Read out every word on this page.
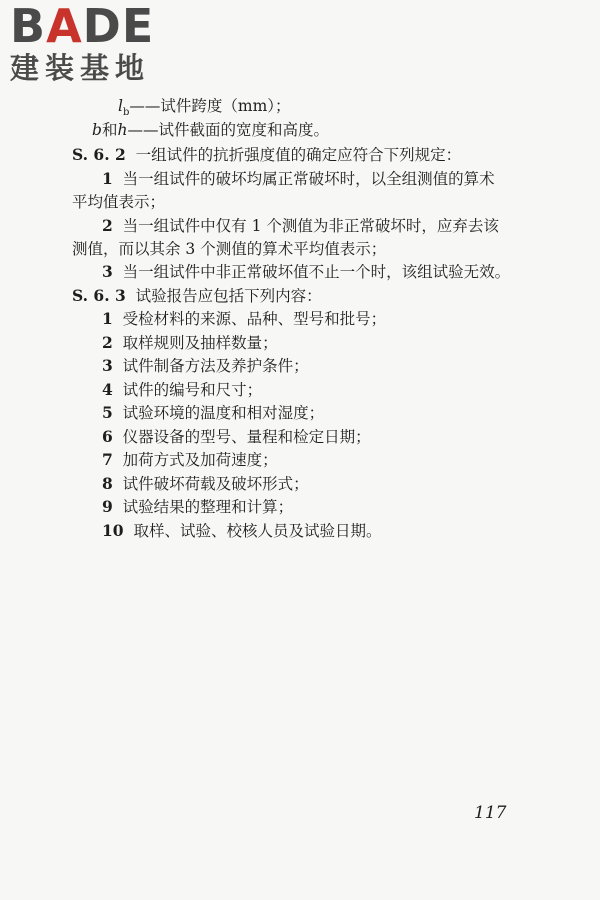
BADE
建装基地
$l_b——$试件跨度（mm）；
b和h——试件截面的宽度和高度。
S. 6. 2 一组试件的抗折强度值的确定应符合下列规定：
1 当一组试件的破坏均属正常破坏时，以全组测值的算术
平均值表示；
2 当一组试件中仅有 1 个测值为非正常破坏时，应弃去该
测值，而以其余 3 个测值的算术平均值表示；
3 当一组试件中非正常破坏值不止一个时，该组试验无效。
S. 6. 3 试验报告应包括下列内容：
1 受检材料的来源、品种、型号和批号；
2 取样规则及抽样数量；
3 试件制备方法及养护条件；
4 试件的编号和尺寸；
5 试验环境的温度和相对湿度；
6 仪器设备的型号、量程和检定日期；
7 加荷方式及加荷速度；
8 试件破坏荷载及破坏形式；
9 试验结果的整理和计算；
10 取样、试验、校核人员及试验日期。
117
